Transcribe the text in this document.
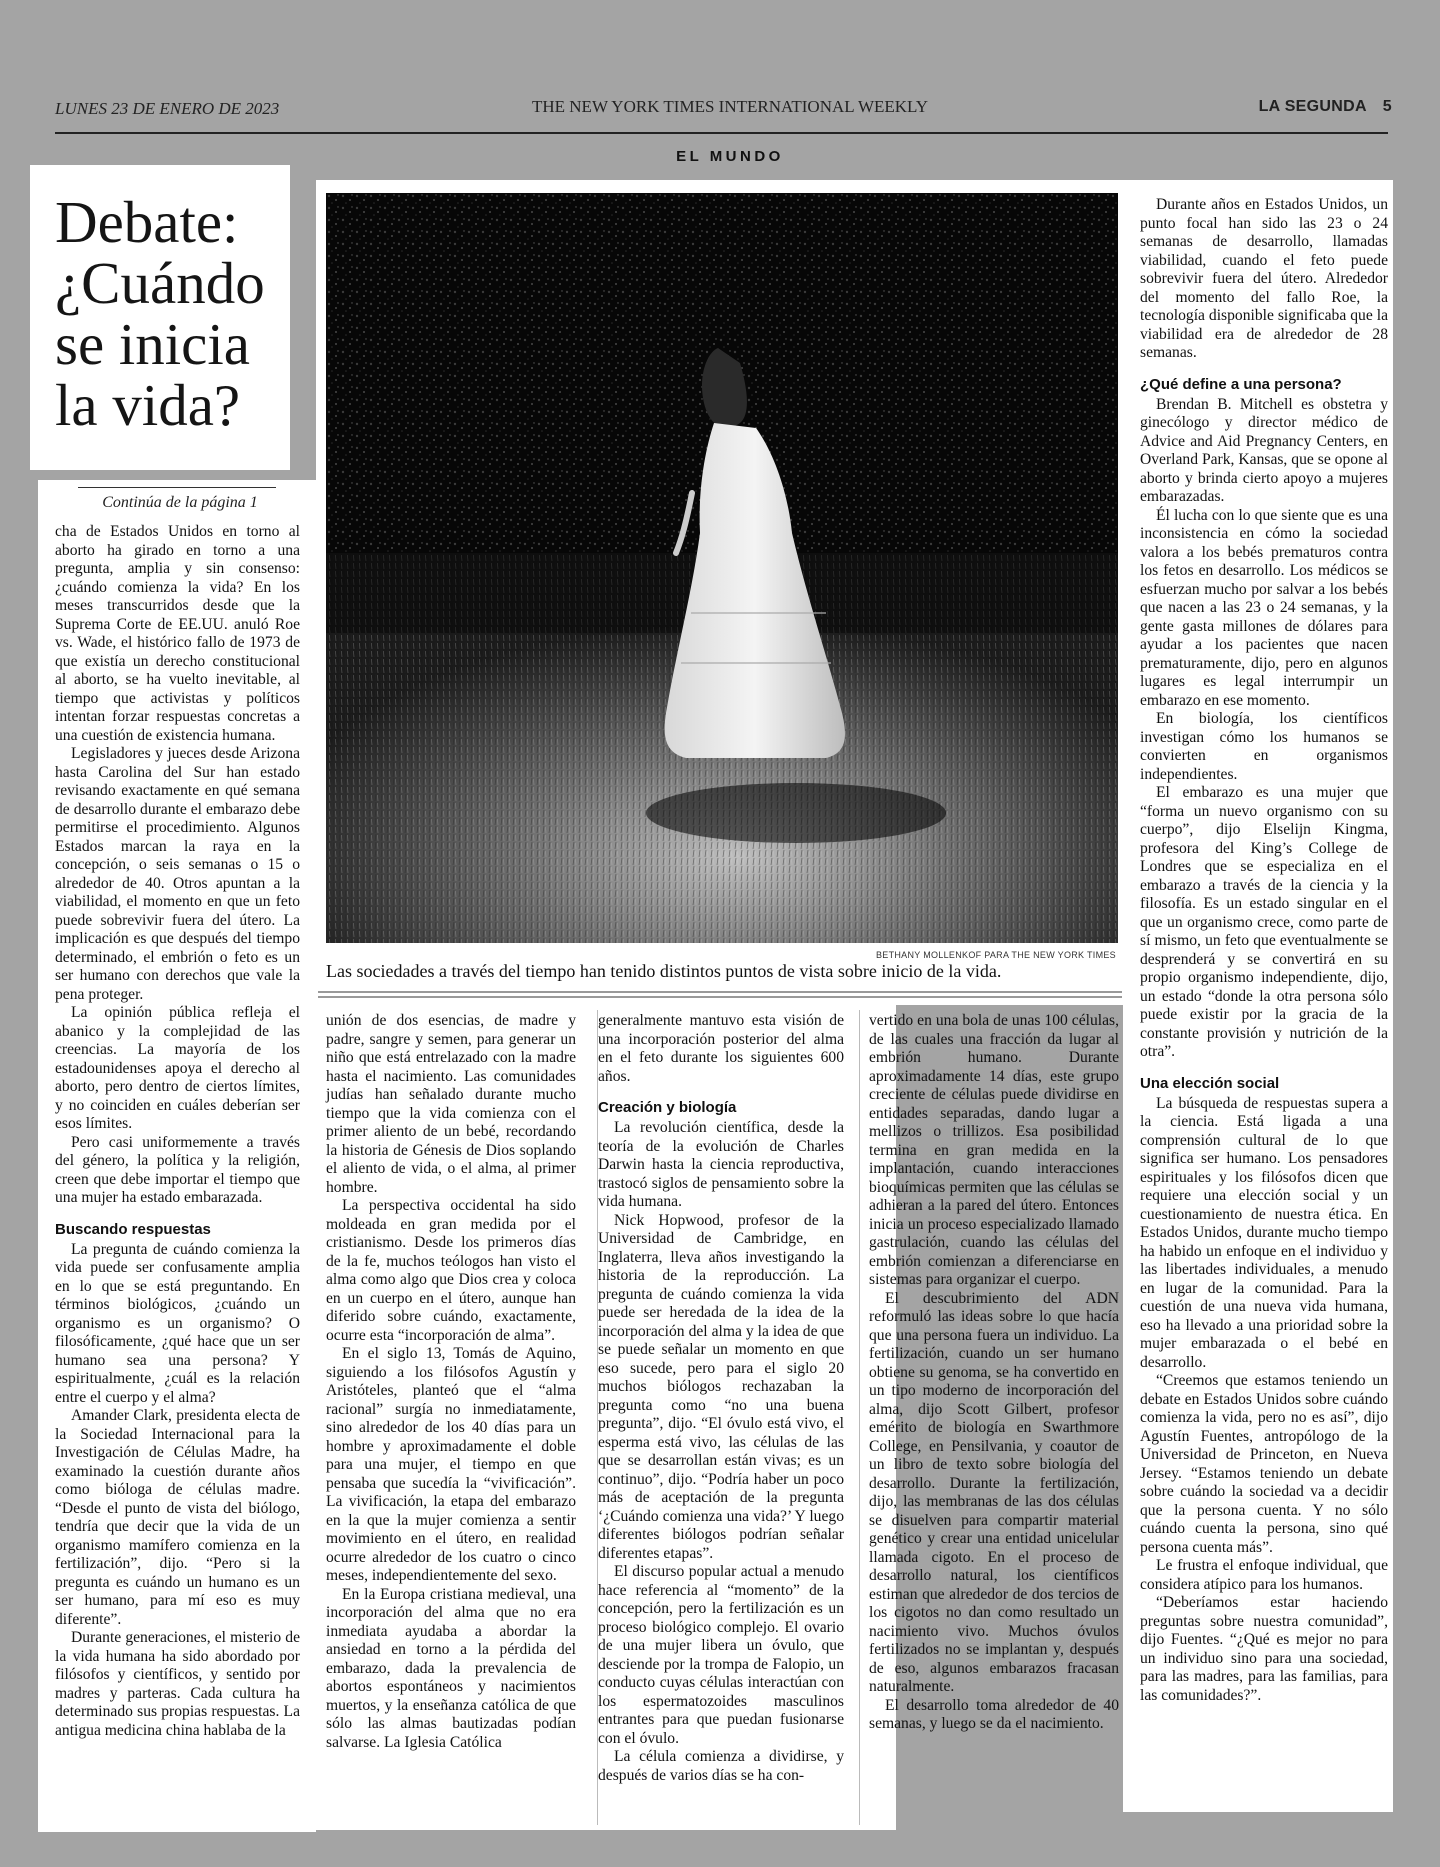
LUNES 23 DE ENERO DE 2023	THE NEW YORK TIMES INTERNATIONAL WEEKLY	LA SEGUNDA 5
EL MUNDO
Debate: ¿Cuándo se inicia la vida?
Continúa de la página 1
BETHANY MOLLENKOF PARA THE NEW YORK TIMES
Las sociedades a través del tiempo han tenido distintos puntos de vista sobre inicio de la vida.

cha de Estados Unidos en torno al aborto ha girado en torno a una pregunta, amplia y sin consenso: ¿cuándo comienza la vida? En los meses transcurridos desde que la Suprema Corte de EE.UU. anuló Roe vs. Wade, el histórico fallo de 1973 de que existía un derecho constitucional al aborto, se ha vuelto inevitable, al tiempo que activistas y políticos intentan forzar respuestas concretas a una cuestión de existencia humana.

Legisladores y jueces desde Arizona hasta Carolina del Sur han estado revisando exactamente en qué semana de desarrollo durante el embarazo debe permitirse el procedimiento. Algunos Estados marcan la raya en la concepción, o seis semanas o 15 o alrededor de 40. Otros apuntan a la viabilidad, el momento en que un feto puede sobrevivir fuera del útero. La implicación es que después del tiempo determinado, el embrión o feto es un ser humano con derechos que vale la pena proteger.

La opinión pública refleja el abanico y la complejidad de las creencias. La mayoría de los estadounidenses apoya el derecho al aborto, pero dentro de ciertos límites, y no coinciden en cuáles deberían ser esos límites.

Pero casi uniformemente a través del género, la política y la religión, creen que debe importar el tiempo que una mujer ha estado embarazada.

Buscando respuestas

La pregunta de cuándo comienza la vida puede ser confusamente amplia en lo que se está preguntando. En términos biológicos, ¿cuándo un organismo es un organismo? O filosóficamente, ¿qué hace que un ser humano sea una persona? Y espiritualmente, ¿cuál es la relación entre el cuerpo y el alma?

Amander Clark, presidenta electa de la Sociedad Internacional para la Investigación de Células Madre, ha examinado la cuestión durante años como bióloga de células madre. “Desde el punto de vista del biólogo, tendría que decir que la vida de un organismo mamífero comienza en la fertilización”, dijo. “Pero si la pregunta es cuándo un humano es un ser humano, para mí eso es muy diferente”.

Durante generaciones, el misterio de la vida humana ha sido abordado por filósofos y científicos, y sentido por madres y parteras. Cada cultura ha determinado sus propias respuestas. La antigua medicina china hablaba de la

unión de dos esencias, de madre y padre, sangre y semen, para generar un niño que está entrelazado con la madre hasta el nacimiento. Las comunidades judías han señalado durante mucho tiempo que la vida comienza con el primer aliento de un bebé, recordando la historia de Génesis de Dios soplando el aliento de vida, o el alma, al primer hombre.

La perspectiva occidental ha sido moldeada en gran medida por el cristianismo. Desde los primeros días de la fe, muchos teólogos han visto el alma como algo que Dios crea y coloca en un cuerpo en el útero, aunque han diferido sobre cuándo, exactamente, ocurre esta “incorporación de alma”.

En el siglo 13, Tomás de Aquino, siguiendo a los filósofos Agustín y Aristóteles, planteó que el “alma racional” surgía no inmediatamente, sino alrededor de los 40 días para un hombre y aproximadamente el doble para una mujer, el tiempo en que pensaba que sucedía la “vivificación”. La vivificación, la etapa del embarazo en la que la mujer comienza a sentir movimiento en el útero, en realidad ocurre alrededor de los cuatro o cinco meses, independientemente del sexo.

En la Europa cristiana medieval, una incorporación del alma que no era inmediata ayudaba a abordar la ansiedad en torno a la pérdida del embarazo, dada la prevalencia de abortos espontáneos y nacimientos muertos, y la enseñanza católica de que sólo las almas bautizadas podían salvarse. La Iglesia Católica

generalmente mantuvo esta visión de una incorporación posterior del alma en el feto durante los siguientes 600 años.

Creación y biología

La revolución científica, desde la teoría de la evolución de Charles Darwin hasta la ciencia reproductiva, trastocó siglos de pensamiento sobre la vida humana.

Nick Hopwood, profesor de la Universidad de Cambridge, en Inglaterra, lleva años investigando la historia de la reproducción. La pregunta de cuándo comienza la vida puede ser heredada de la idea de la incorporación del alma y la idea de que se puede señalar un momento en que eso sucede, pero para el siglo 20 muchos biólogos rechazaban la pregunta como “no una buena pregunta”, dijo. “El óvulo está vivo, el esperma está vivo, las células de las que se desarrollan están vivas; es un continuo”, dijo. “Podría haber un poco más de aceptación de la pregunta ‘¿Cuándo comienza una vida?’ Y luego diferentes biólogos podrían señalar diferentes etapas”.

El discurso popular actual a menudo hace referencia al “momento” de la concepción, pero la fertilización es un proceso biológico complejo. El ovario de una mujer libera un óvulo, que desciende por la trompa de Falopio, un conducto cuyas células interactúan con los espermatozoides masculinos entrantes para que puedan fusionarse con el óvulo.

La célula comienza a dividirse, y después de varios días se ha con-

vertido en una bola de unas 100 células, de las cuales una fracción da lugar al embrión humano. Durante aproximadamente 14 días, este grupo creciente de células puede dividirse en entidades separadas, dando lugar a mellizos o trillizos. Esa posibilidad termina en gran medida en la implantación, cuando interacciones bioquímicas permiten que las células se adhieran a la pared del útero. Entonces inicia un proceso especializado llamado gastrulación, cuando las células del embrión comienzan a diferenciarse en sistemas para organizar el cuerpo.

El descubrimiento del ADN reformuló las ideas sobre lo que hacía que una persona fuera un individuo. La fertilización, cuando un ser humano obtiene su genoma, se ha convertido en un tipo moderno de incorporación del alma, dijo Scott Gilbert, profesor emérito de biología en Swarthmore College, en Pensilvania, y coautor de un libro de texto sobre biología del desarrollo. Durante la fertilización, dijo, las membranas de las dos células se disuelven para compartir material genético y crear una entidad unicelular llamada cigoto. En el proceso de desarrollo natural, los científicos estiman que alrededor de dos tercios de los cigotos no dan como resultado un nacimiento vivo. Muchos óvulos fertilizados no se implantan y, después de eso, algunos embarazos fracasan naturalmente.

El desarrollo toma alrededor de 40 semanas, y luego se da el nacimiento.

Durante años en Estados Unidos, un punto focal han sido las 23 o 24 semanas de desarrollo, llamadas viabilidad, cuando el feto puede sobrevivir fuera del útero. Alrededor del momento del fallo Roe, la tecnología disponible significaba que la viabilidad era de alrededor de 28 semanas.

¿Qué define a una persona?

Brendan B. Mitchell es obstetra y ginecólogo y director médico de Advice and Aid Pregnancy Centers, en Overland Park, Kansas, que se opone al aborto y brinda cierto apoyo a mujeres embarazadas.

Él lucha con lo que siente que es una inconsistencia en cómo la sociedad valora a los bebés prematuros contra los fetos en desarrollo. Los médicos se esfuerzan mucho por salvar a los bebés que nacen a las 23 o 24 semanas, y la gente gasta millones de dólares para ayudar a los pacientes que nacen prematuramente, dijo, pero en algunos lugares es legal interrumpir un embarazo en ese momento.

En biología, los científicos investigan cómo los humanos se convierten en organismos independientes.

El embarazo es una mujer que “forma un nuevo organismo con su cuerpo”, dijo Elselijn Kingma, profesora del King’s College de Londres que se especializa en el embarazo a través de la ciencia y la filosofía. Es un estado singular en el que un organismo crece, como parte de sí mismo, un feto que eventualmente se desprenderá y se convertirá en su propio organismo independiente, dijo, un estado “donde la otra persona sólo puede existir por la gracia de la constante provisión y nutrición de la otra”.

Una elección social

La búsqueda de respuestas supera a la ciencia. Está ligada a una comprensión cultural de lo que significa ser humano. Los pensadores espirituales y los filósofos dicen que requiere una elección social y un cuestionamiento de nuestra ética. En Estados Unidos, durante mucho tiempo ha habido un enfoque en el individuo y las libertades individuales, a menudo en lugar de la comunidad. Para la cuestión de una nueva vida humana, eso ha llevado a una prioridad sobre la mujer embarazada o el bebé en desarrollo.

“Creemos que estamos teniendo un debate en Estados Unidos sobre cuándo comienza la vida, pero no es así”, dijo Agustín Fuentes, antropólogo de la Universidad de Princeton, en Nueva Jersey. “Estamos teniendo un debate sobre cuándo la sociedad va a decidir que la persona cuenta. Y no sólo cuándo cuenta la persona, sino qué persona cuenta más”.

Le frustra el enfoque individual, que considera atípico para los humanos.

“Deberíamos estar haciendo preguntas sobre nuestra comunidad”, dijo Fuentes. “¿Qué es mejor no para un individuo sino para una sociedad, para las madres, para las familias, para las comunidades?”.
